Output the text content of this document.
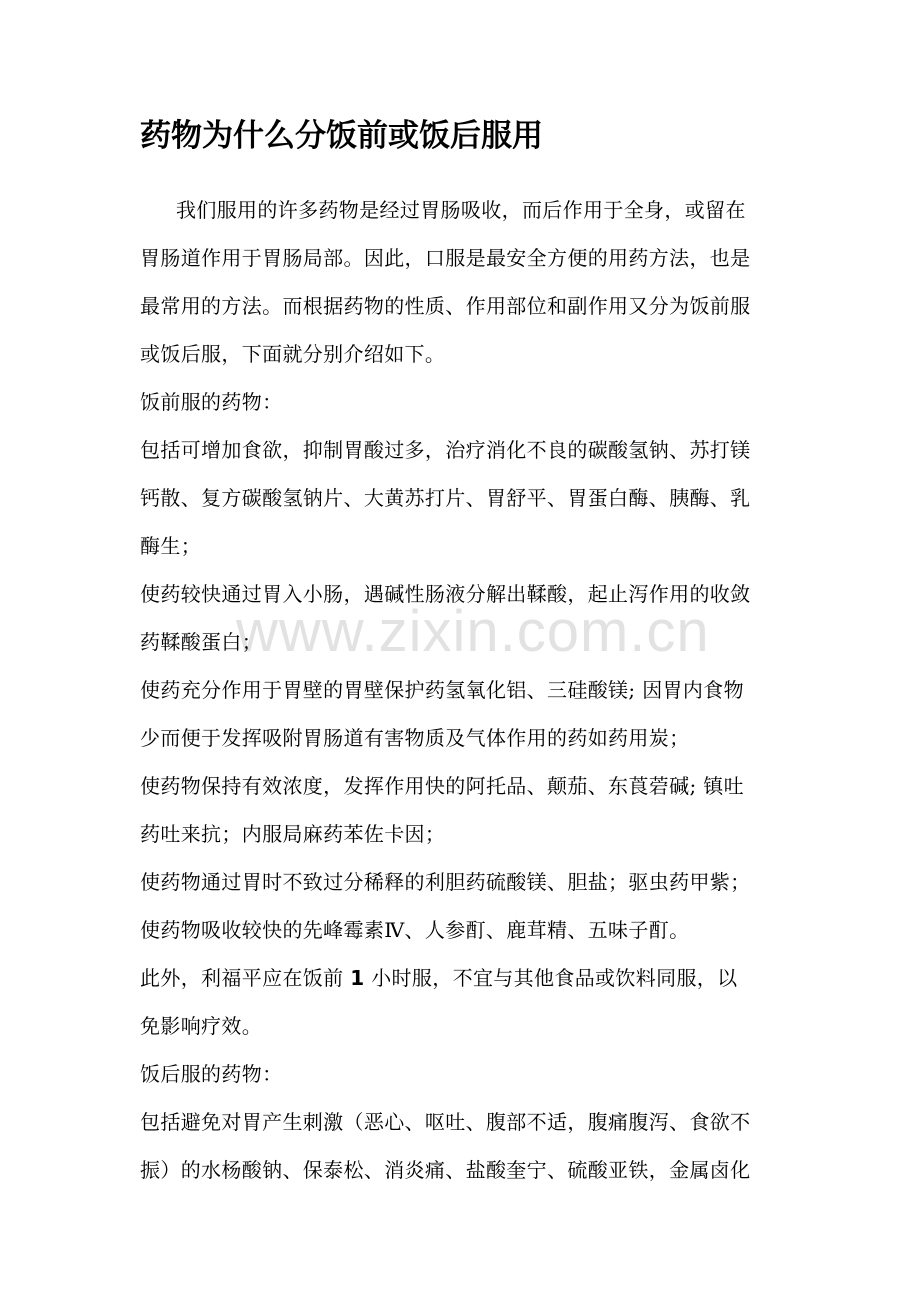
www.zixin.com.cn
药物为什么分饭前或饭后服用
我们服用的许多药物是经过胃肠吸收，而后作用于全身，或留在
胃肠道作用于胃肠局部。因此，口服是最安全方便的用药方法，也是
最常用的方法。而根据药物的性质、作用部位和副作用又分为饭前服
或饭后服，下面就分别介绍如下。
饭前服的药物：
包括可增加食欲，抑制胃酸过多，治疗消化不良的碳酸氢钠、苏打镁
钙散、复方碳酸氢钠片、大黄苏打片、胃舒平、胃蛋白酶、胰酶、乳
酶生；
使药较快通过胃入小肠，遇碱性肠液分解出鞣酸，起止泻作用的收敛
药鞣酸蛋白；
使药充分作用于胃壁的胃壁保护药氢氧化铝、三硅酸镁; 因胃内食物
少而便于发挥吸附胃肠道有害物质及气体作用的药如药用炭；
使药物保持有效浓度，发挥作用快的阿托品、颠茄、东莨菪碱; 镇吐
药吐来抗；内服局麻药苯佐卡因；
使药物通过胃时不致过分稀释的利胆药硫酸镁、胆盐；驱虫药甲紫；
使药物吸收较快的先峰霉素Ⅳ、人参酊、鹿茸精、五味子酊。
此外，利福平应在饭前 1 小时服，不宜与其他食品或饮料同服，以
免影响疗效。
饭后服的药物：
包括避免对胃产生刺激（恶心、呕吐、腹部不适，腹痛腹泻、食欲不
振）的水杨酸钠、保泰松、消炎痛、盐酸奎宁、硫酸亚铁，金属卤化
